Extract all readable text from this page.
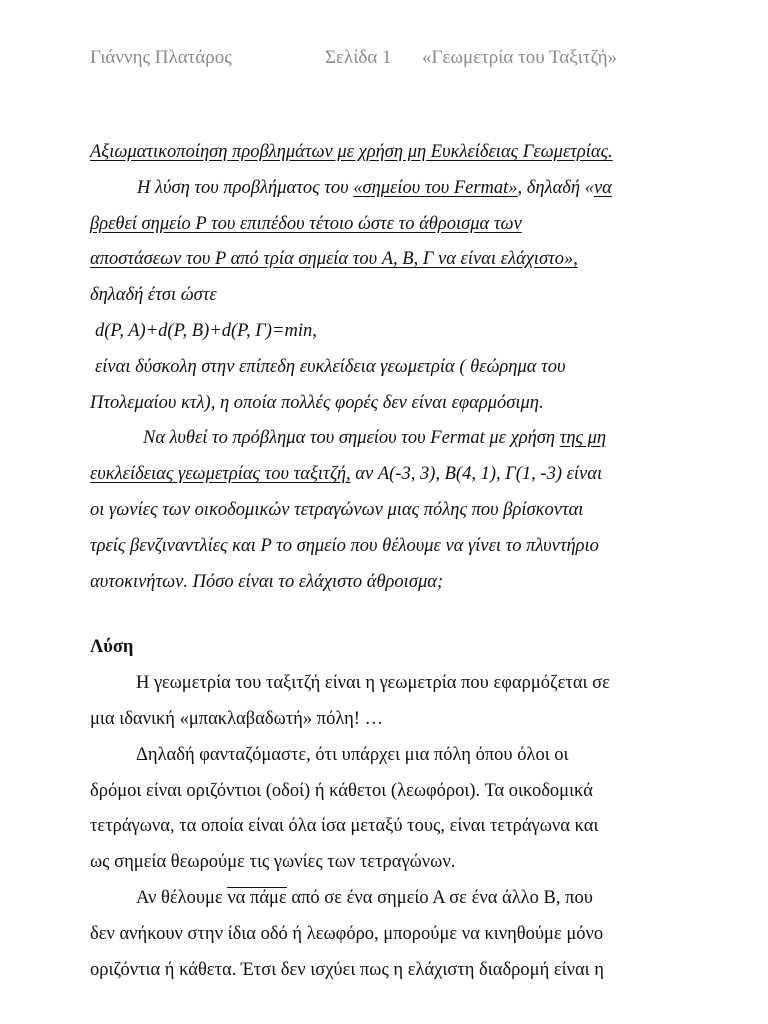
Γιάννης Πλατάρος	Σελίδα 1 «Γεωμετρία του Ταξιτζή»
Αξιωματικοποίηση προβλημάτων με χρήση μη Ευκλείδειας Γεωμετρίας.
Η λύση του προβλήματος του «σημείου του Fermat», δηλαδή «να
βρεθεί σημείο P του επιπέδου τέτοιο ώστε το άθροισμα των
αποστάσεων του P από τρία σημεία του A, B, Γ να είναι ελάχιστο»,
δηλαδή έτσι ώστε
d(P, A)+d(P, B)+d(P, Γ)=min,
είναι δύσκολη στην επίπεδη ευκλείδεια γεωμετρία ( θεώρημα του
Πτολεμαίου κτλ), η οποία πολλές φορές δεν είναι εφαρμόσιμη.
Να λυθεί το πρόβλημα του σημείου του Fermat με χρήση της μη
ευκλείδειας γεωμετρίας του ταξιτζή, αν A(-3, 3), B(4, 1), Γ(1, -3) είναι
οι γωνίες των οικοδομικών τετραγώνων μιας πόλης που βρίσκονται
τρείς βενζιναντλίες και P το σημείο που θέλουμε να γίνει το πλυντήριο
αυτοκινήτων. Πόσο είναι το ελάχιστο άθροισμα;
Λύση
Η γεωμετρία του ταξιτζή είναι η γεωμετρία που εφαρμόζεται σε
μια ιδανική «μπακλαβαδωτή» πόλη! …
Δηλαδή φανταζόμαστε, ότι υπάρχει μια πόλη όπου όλοι οι
δρόμοι είναι οριζόντιοι (οδοί) ή κάθετοι (λεωφόροι). Τα οικοδομικά
τετράγωνα, τα οποία είναι όλα ίσα μεταξύ τους, είναι τετράγωνα και
ως σημεία θεωρούμε τις γωνίες των τετραγώνων.
Αν θέλουμε να πάμε από σε ένα σημείο Α σε ένα άλλο Β, που
δεν ανήκουν στην ίδια οδό ή λεωφόρο, μπορούμε να κινηθούμε μόνο
οριζόντια ή κάθετα. Έτσι δεν ισχύει πως η ελάχιστη διαδρομή είναι η
